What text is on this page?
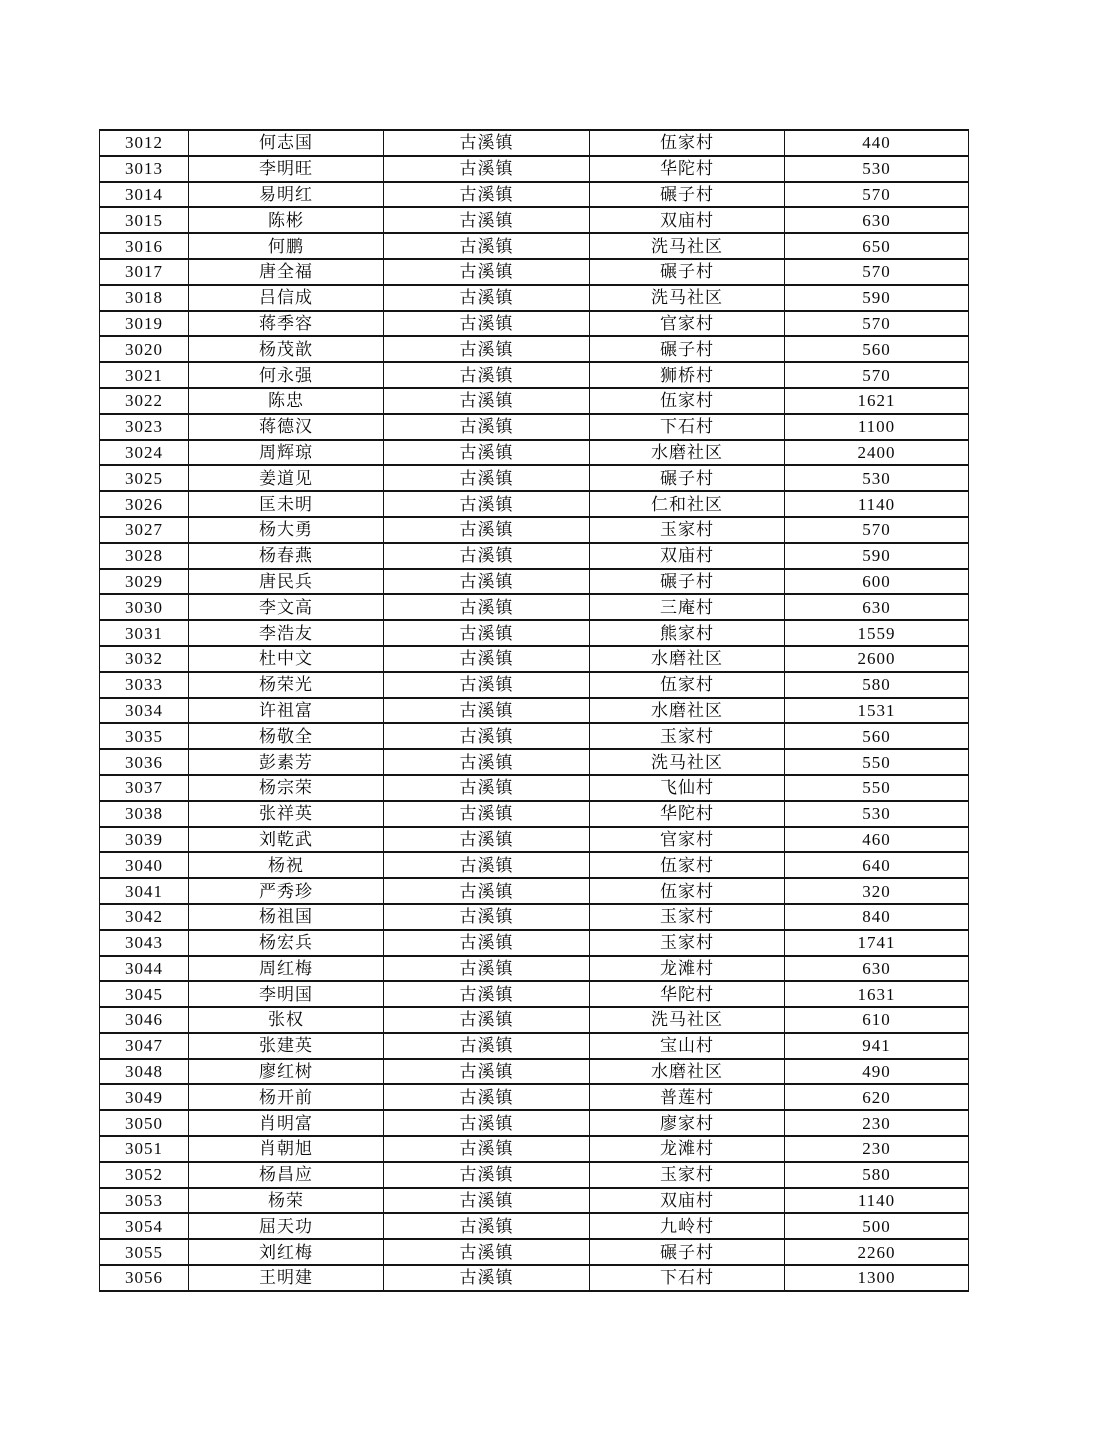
3012	何志国	古溪镇	伍家村	440
3013	李明旺	古溪镇	华陀村	530
3014	易明红	古溪镇	碾子村	570
3015	陈彬	古溪镇	双庙村	630
3016	何鹏	古溪镇	洗马社区	650
3017	唐全福	古溪镇	碾子村	570
3018	吕信成	古溪镇	洗马社区	590
3019	蒋季容	古溪镇	官家村	570
3020	杨茂歆	古溪镇	碾子村	560
3021	何永强	古溪镇	狮桥村	570
3022	陈忠	古溪镇	伍家村	1621
3023	蒋德汉	古溪镇	下石村	1100
3024	周辉琼	古溪镇	水磨社区	2400
3025	姜道见	古溪镇	碾子村	530
3026	匡未明	古溪镇	仁和社区	1140
3027	杨大勇	古溪镇	玉家村	570
3028	杨春燕	古溪镇	双庙村	590
3029	唐民兵	古溪镇	碾子村	600
3030	李文高	古溪镇	三庵村	630
3031	李浩友	古溪镇	熊家村	1559
3032	杜中文	古溪镇	水磨社区	2600
3033	杨荣光	古溪镇	伍家村	580
3034	许祖富	古溪镇	水磨社区	1531
3035	杨敬全	古溪镇	玉家村	560
3036	彭素芳	古溪镇	洗马社区	550
3037	杨宗荣	古溪镇	飞仙村	550
3038	张祥英	古溪镇	华陀村	530
3039	刘乾武	古溪镇	官家村	460
3040	杨祝	古溪镇	伍家村	640
3041	严秀珍	古溪镇	伍家村	320
3042	杨祖国	古溪镇	玉家村	840
3043	杨宏兵	古溪镇	玉家村	1741
3044	周红梅	古溪镇	龙滩村	630
3045	李明国	古溪镇	华陀村	1631
3046	张权	古溪镇	洗马社区	610
3047	张建英	古溪镇	宝山村	941
3048	廖红树	古溪镇	水磨社区	490
3049	杨开前	古溪镇	普莲村	620
3050	肖明富	古溪镇	廖家村	230
3051	肖朝旭	古溪镇	龙滩村	230
3052	杨昌应	古溪镇	玉家村	580
3053	杨荣	古溪镇	双庙村	1140
3054	屈天功	古溪镇	九岭村	500
3055	刘红梅	古溪镇	碾子村	2260
3056	王明建	古溪镇	下石村	1300
